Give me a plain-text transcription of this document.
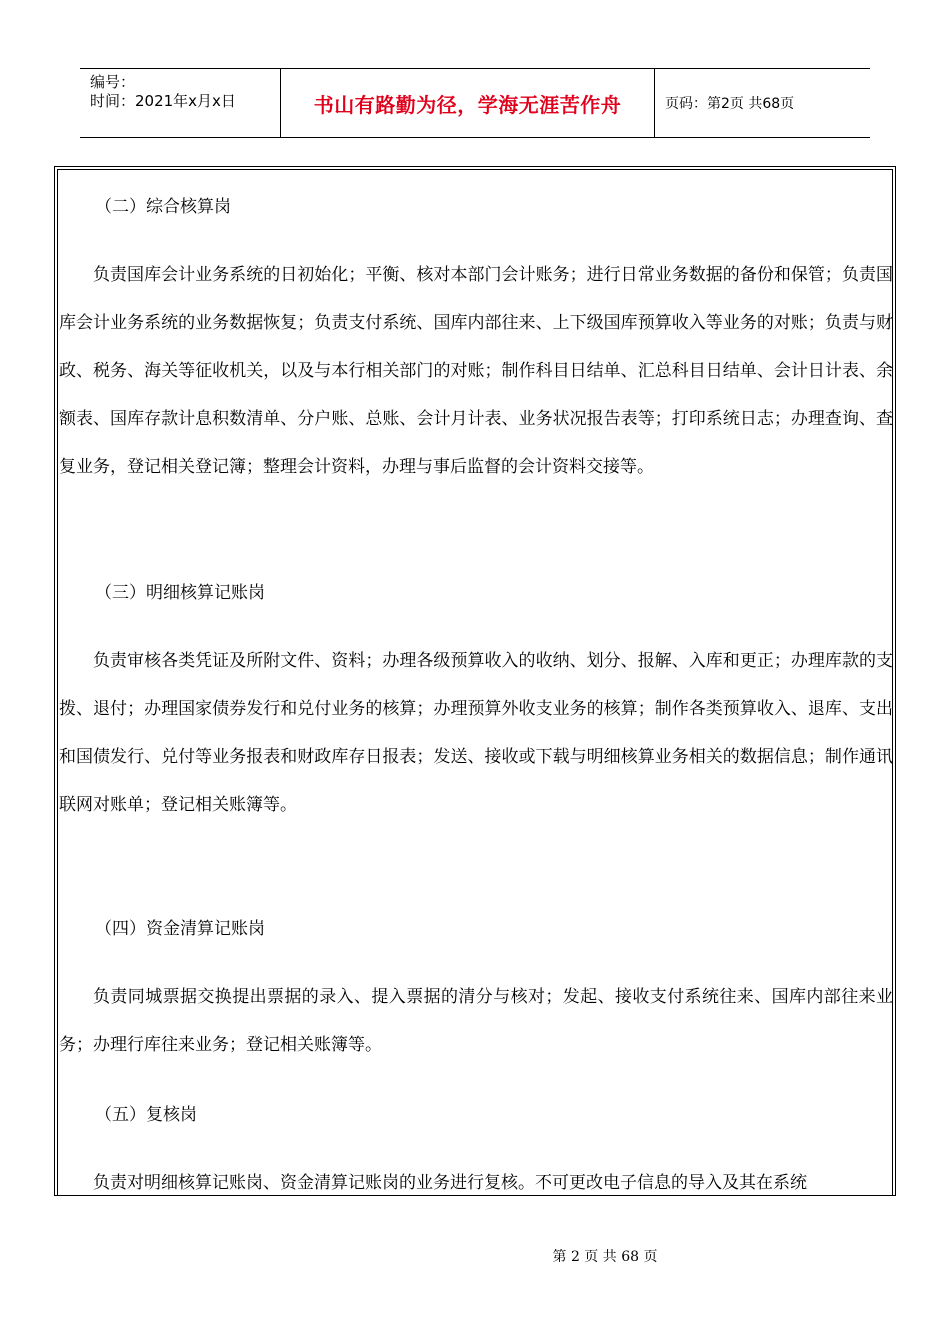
编号：
时间：2021年x月x日	书山有路勤为径，学海无涯苦作舟	页码：第2页 共68页
（二）综合核算岗

负责国库会计业务系统的日初始化；平衡、核对本部门会计账务；进行日常业务数据的备份和保管；负责国库会计业务系统的业务数据恢复；负责支付系统、国库内部往来、上下级国库预算收入等业务的对账；负责与财政、税务、海关等征收机关，以及与本行相关部门的对账；制作科目日结单、汇总科目日结单、会计日计表、余额表、国库存款计息积数清单、分户账、总账、会计月计表、业务状况报告表等；打印系统日志；办理查询、查复业务，登记相关登记簿；整理会计资料，办理与事后监督的会计资料交接等。

（三）明细核算记账岗

负责审核各类凭证及所附文件、资料；办理各级预算收入的收纳、划分、报解、入库和更正；办理库款的支拨、退付；办理国家债券发行和兑付业务的核算；办理预算外收支业务的核算；制作各类预算收入、退库、支出和国债发行、兑付等业务报表和财政库存日报表；发送、接收或下载与明细核算业务相关的数据信息；制作通讯联网对账单；登记相关账簿等。

（四）资金清算记账岗

负责同城票据交换提出票据的录入、提入票据的清分与核对；发起、接收支付系统往来、国库内部往来业务；办理行库往来业务；登记相关账簿等。

（五）复核岗

负责对明细核算记账岗、资金清算记账岗的业务进行复核。不可更改电子信息的导入及其在系统

第 2 页 共 68 页
